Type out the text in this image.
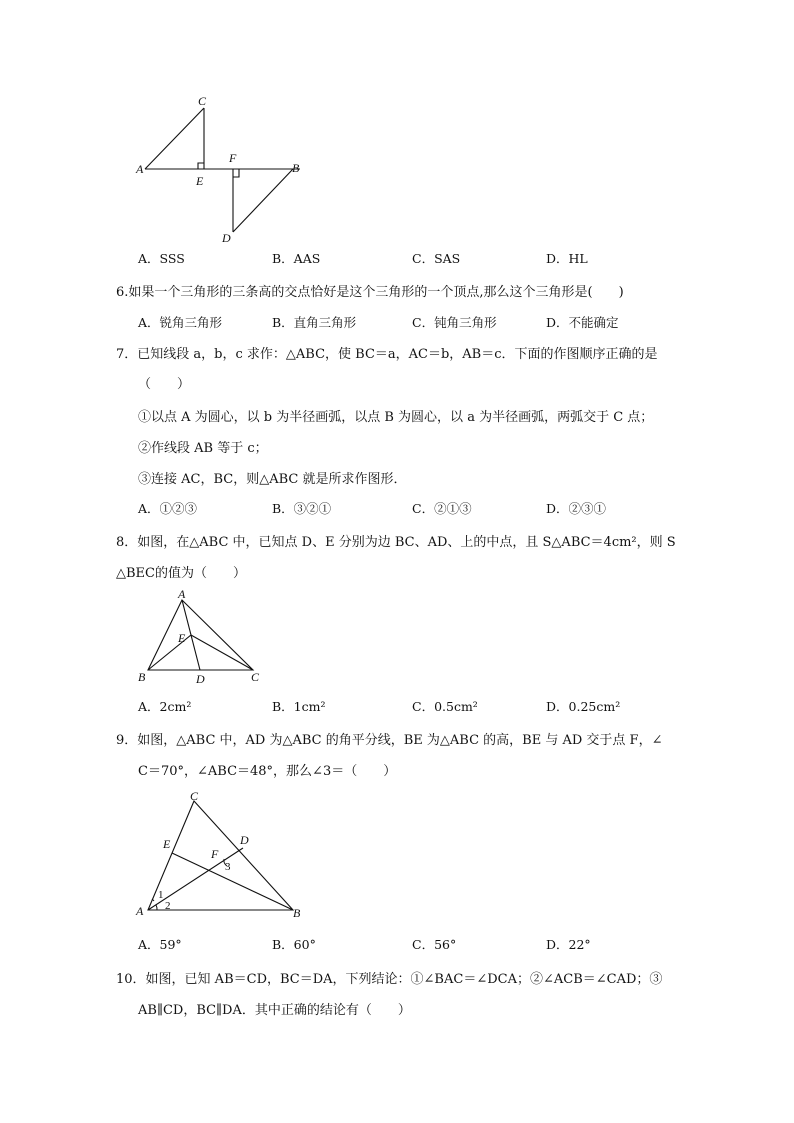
C
A
E
F
B
D
A．SSS	B．AAS	C．SAS	D．HL
6.如果一个三角形的三条高的交点恰好是这个三角形的一个顶点,那么这个三角形是(　　)
A．锐角三角形	B．直角三角形	C．钝角三角形	D．不能确定
7．已知线段 a，b，c 求作：△ABC，使 BC＝a，AC＝b，AB＝c．下面的作图顺序正确的是
（　　）
①以点 A 为圆心，以 b 为半径画弧，以点 B 为圆心，以 a 为半径画弧，两弧交于 C 点；
②作线段 AB 等于 c；
③连接 AC，BC，则△ABC 就是所求作图形．
A．①②③	B．③②①	C．②①③	D．②③①
8．如图，在△ABC 中，已知点 D、E 分别为边 BC、AD、上的中点，且 S△ABC＝4cm²，则 S
△BEC的值为（　　）
A
E
B	D	C
A．2cm²	B．1cm²	C．0.5cm²	D．0.25cm²
9．如图，△ABC 中，AD 为△ABC 的角平分线，BE 为△ABC 的高，BE 与 AD 交于点 F，∠
C＝70°，∠ABC＝48°，那么∠3＝（　　）
C
E	D
F
3
1
2
A	B
A．59°	B．60°	C．56°	D．22°
10．如图，已知 AB＝CD，BC＝DA，下列结论：①∠BAC＝∠DCA；②∠ACB＝∠CAD；③
AB∥CD，BC∥DA．其中正确的结论有（　　）
